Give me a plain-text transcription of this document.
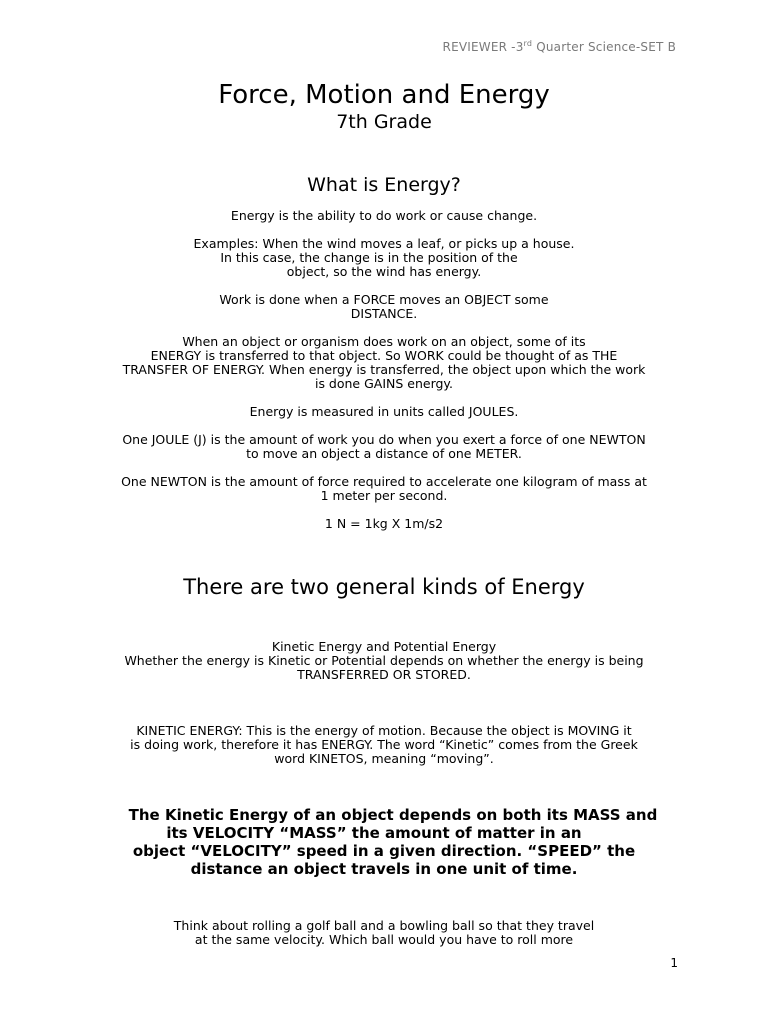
REVIEWER -3rd Quarter Science-SET B
Force, Motion and Energy
7th Grade
What is Energy?
Energy is the ability to do work or cause change.
Examples: When the wind moves a leaf, or picks up a house.
In this case, the change is in the position of the
object, so the wind has energy.
Work is done when a FORCE moves an OBJECT some
DISTANCE.
When an object or organism does work on an object, some of its
ENERGY is transferred to that object. So WORK could be thought of as THE
TRANSFER OF ENERGY. When energy is transferred, the object upon which the work
is done GAINS energy.
Energy is measured in units called JOULES.
One JOULE (J) is the amount of work you do when you exert a force of one NEWTON
to move an object a distance of one METER.
One NEWTON is the amount of force required to accelerate one kilogram of mass at
1 meter per second.
1 N = 1kg X 1m/s2
There are two general kinds of Energy
Kinetic Energy and Potential Energy
Whether the energy is Kinetic or Potential depends on whether the energy is being
TRANSFERRED OR STORED.
KINETIC ENERGY: This is the energy of motion. Because the object is MOVING it
is doing work, therefore it has ENERGY. The word “Kinetic” comes from the Greek
word KINETOS, meaning “moving”.
The Kinetic Energy of an object depends on both its MASS and
its VELOCITY “MASS” the amount of matter in an
object “VELOCITY” speed in a given direction. “SPEED” the
distance an object travels in one unit of time.
Think about rolling a golf ball and a bowling ball so that they travel
at the same velocity. Which ball would you have to roll more
1
